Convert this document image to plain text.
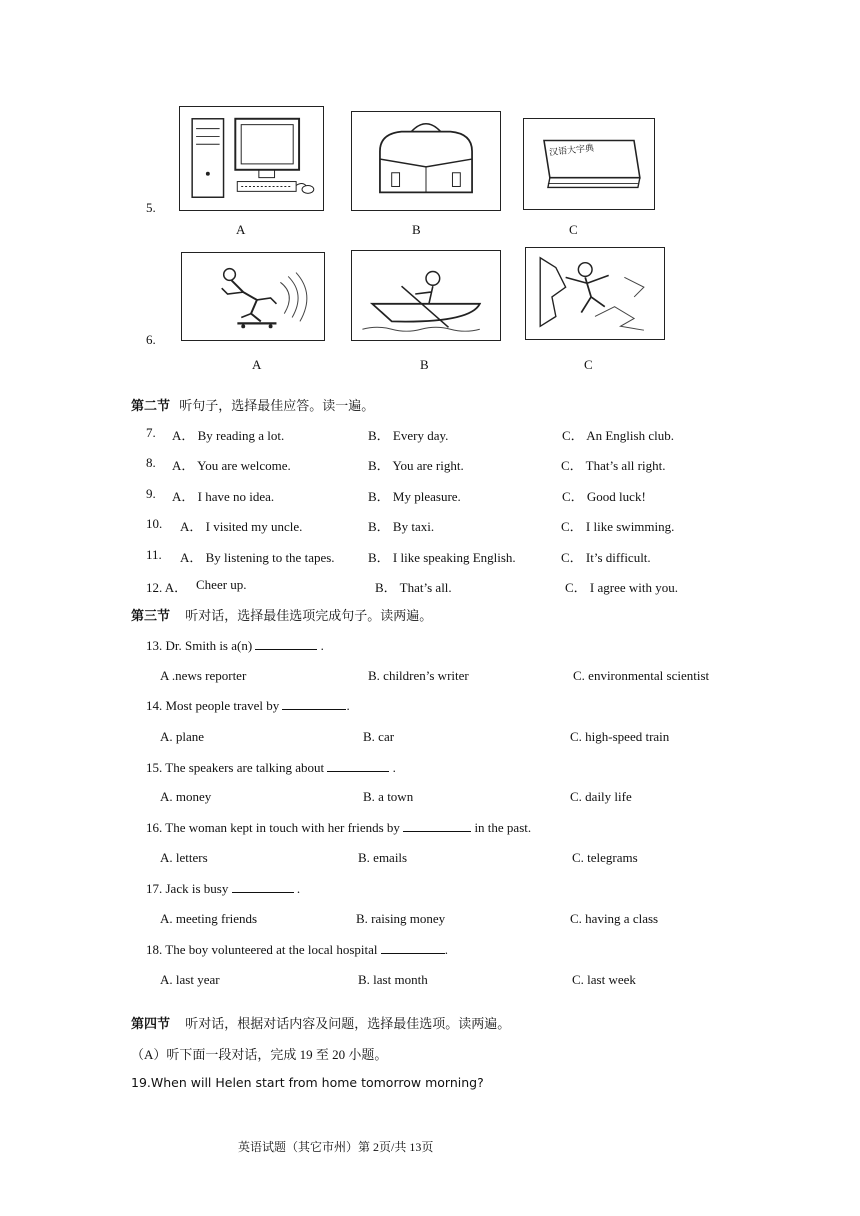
5.
汉语大字典
A	B	C
6.
A	B	C
第二节 听句子，选择最佳应答。读一遍。
7. A． By reading a lot.	B． Every day.	C． An English club.
8. A． You are welcome.	B． You are right.	C． That’s all right.
9. A． I have no idea.	B． My pleasure.	C． Good luck!
10. A． I visited my uncle.	B． By taxi.	C． I like swimming.
11. A． By listening to the tapes.	B． I like speaking English.	C． It’s difficult.
12. A． Cheer up.	B． That’s all.	C． I agree with you.
第三节 听对话，选择最佳选项完成句子。读两遍。
13. Dr. Smith is a(n)	.
A .news reporter	B. children’s writer	C. environmental scientist
14. Most people travel by	.
A. plane	B. car	C. high-speed train
15. The speakers are talking about	.
A. money	B. a town	C. daily life
16. The woman kept in touch with her friends by	in the past.
A. letters	B. emails	C. telegrams
17. Jack is busy	.
A. meeting friends	B. raising money	C. having a class
18. The boy volunteered at the local hospital	.
A. last year	B. last month	C. last week
第四节 听对话，根据对话内容及问题，选择最佳选项。读两遍。
（A）听下面一段对话，完成 19 至 20 小题。
19.When will Helen start from home tomorrow morning?
英语试题（其它市州）第 2页/共 13页
